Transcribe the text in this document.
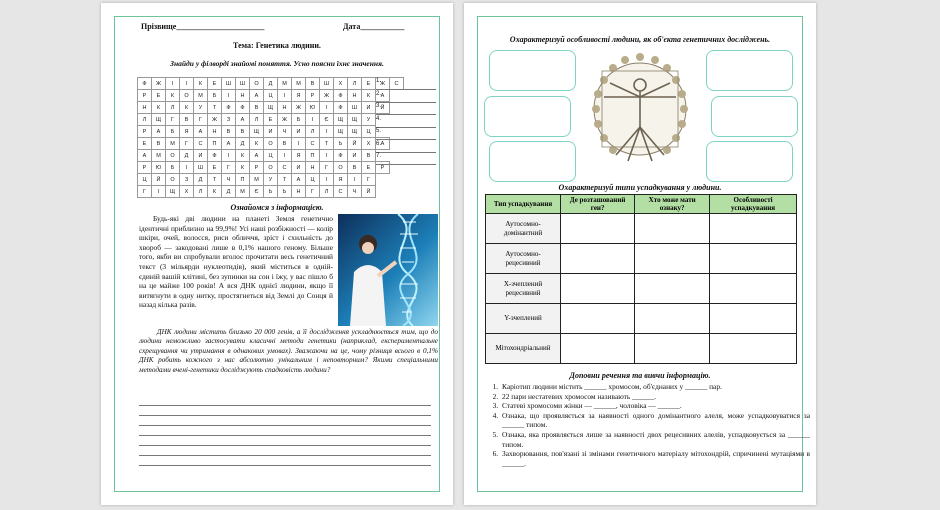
Прізвище______________________	Дата___________
Тема: Генетика людини.
Знайди у філворді знайомі поняття. Усно поясни їхнє значення.
Ф	Ж	І	І	К	Е	Ш	Ш	О	Д	М	М	В	Ш	Х	Л	Е	Ж	С
Р	Е	К	О	М	Б	І	Н	А	Ц	І	Я	Р	Ж	Ф	Н	К	А	
Н	К	Л	К	У	Т	Ф	Ф	В	Щ	Н	Ж	Ю	І	Ф	Ш	И	Й	
Л	Щ	Г	В	Г	Ж	З	А	Л	Е	Ж	Б	І	Є	Щ	Щ	У		
Р	А	Б	Я	А	Н	В	В	Щ	И	Ч	И	Л	І	Щ	Щ	Ц		
Е	В	М	Г	С	П	А	Д	К	О	В	І	С	Т	Ь	Й	Х	А	
А	М	О	Д	И	Ф	І	К	А	Ц	І	Я	П	І	Ф	И	В		
Р	Ю	Б	І	Ш	Е	Г	К	Р	О	С	И	Н	Г	О	В	Е	Р	
Ц	Й	О	З	Д	Т	Ч	П	М	У	Т	А	Ц	І	Я	І	Г		
Г	І	Щ	Х	Л	К	Д	М	Є	Ь	Ь	Н	Г	Л	С	Ч	Й		
1.
2.
3.
4.
5.
6.
7.
Ознайомся з інформацією.
Будь-які дві людини на планеті Земля генетично ідентичні приблизно на 99,9%! Усі наші розбіжності — колір шкіри, очей, волосся, риси обличчя, зріст і схильність до хвороб — закодовані лише в 0,1% нашого геному. Більше того, якби ви спробували вголос прочитати весь генетичний текст (3 мільярди нуклеотидів), який міститься в одній-єдиній вашій клітині, без зупинки на сон і їжу, у вас пішло б на це майже 100 років! А вся ДНК однієї людини, якщо її витягнути в одну нитку, простягнеться від Землі до Сонця й назад кілька разів.
ДНК людини містить близько 20 000 генів, а її дослідження ускладнюється тим, що до людини неможливо застосувати класичні методи генетики (наприклад, експериментальне схрещування чи утримання в однакових умовах). Зважаючи на це, чому різниця всього в 0,1% ДНК робить кожного з нас абсолютно унікальним і неповторним? Якими спеціальними методами вчені-генетики досліджують спадковість людини?
Охарактеризуй особливості людини, як об'єкта генетичних досліджень.
Охарактеризуй типи успадкування у людини.
Тип успадкування	Де розташований ген?	Хто може мати ознаку?	Особливості успадкування
Аутосомно-домінантний			
Аутосомно-рецесивний			
Х-зчеплений рецесивний			
Y-зчеплений			
Мітохондріальний			
Доповни речення та вивчи інформацію.
1. Каріотип людини містить ______ хромосом, об'єднаних у ______ пар.
2. 22 пари нестатевих хромосом називають ______.
3. Статеві хромосоми жінки — ______, чоловіка — ______.
4. Ознака, що проявляється за наявності одного домінантного алеля, може успадковуватися за ______ типом.
5. Ознака, яка проявляється лише за наявності двох рецесивних алелів, успадковується за ______ типом.
6. Захворювання, пов'язані зі змінами генетичного матеріалу мітохондрій, спричинені мутаціями в ______.
